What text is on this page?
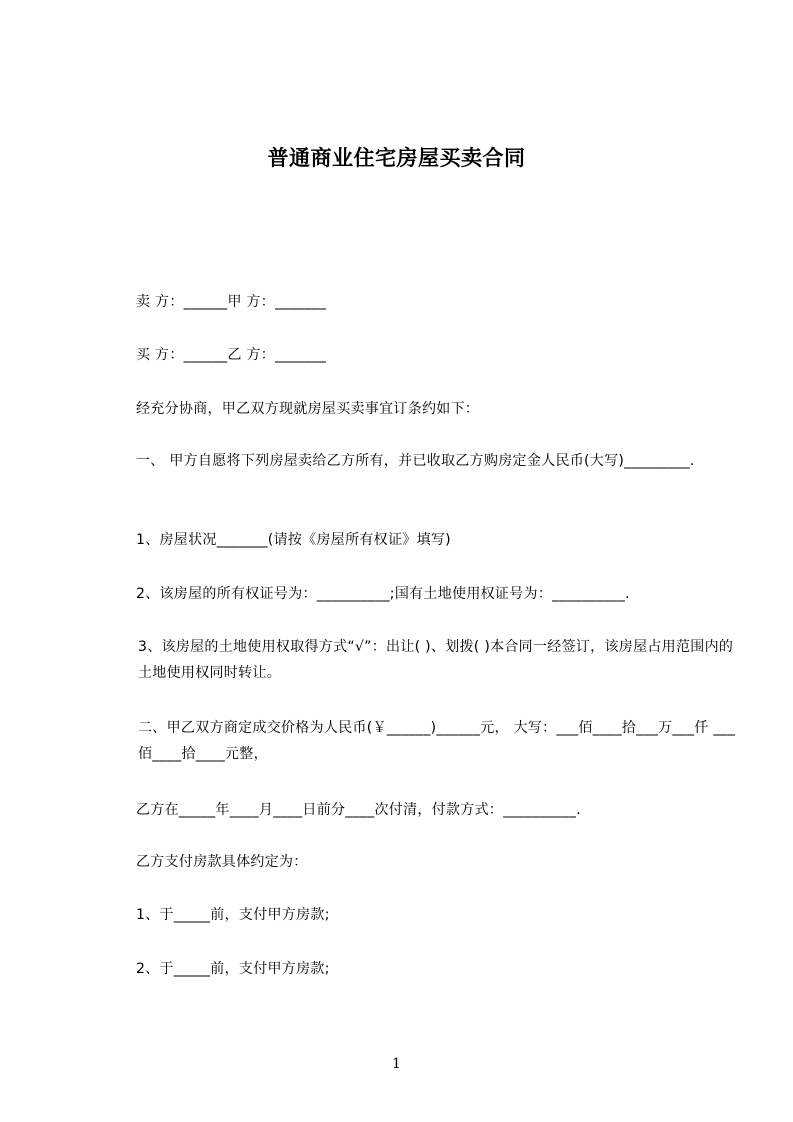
普通商业住宅房屋买卖合同
卖 方：______甲 方：_______
买 方：______乙 方：_______
经充分协商，甲乙双方现就房屋买卖事宜订条约如下：
一、 甲方自愿将下列房屋卖给乙方所有，并已收取乙方购房定金人民币(大写)_________.
1、房屋状况_______(请按《房屋所有权证》填写)
2、该房屋的所有权证号为：__________;国有土地使用权证号为：__________.
3、该房屋的土地使用权取得方式“√”：出让( )、划拨( )本合同一经签订，该房屋占用范围内的土地使用权同时转让。
二、甲乙双方商定成交价格为人民币(￥______)______元， 大写：___佰____拾___万___仟 ___佰____拾____元整，
乙方在_____年____月____日前分____次付清，付款方式：__________.
乙方支付房款具体约定为：
1、于_____前，支付甲方房款;
2、于_____前，支付甲方房款;
1
